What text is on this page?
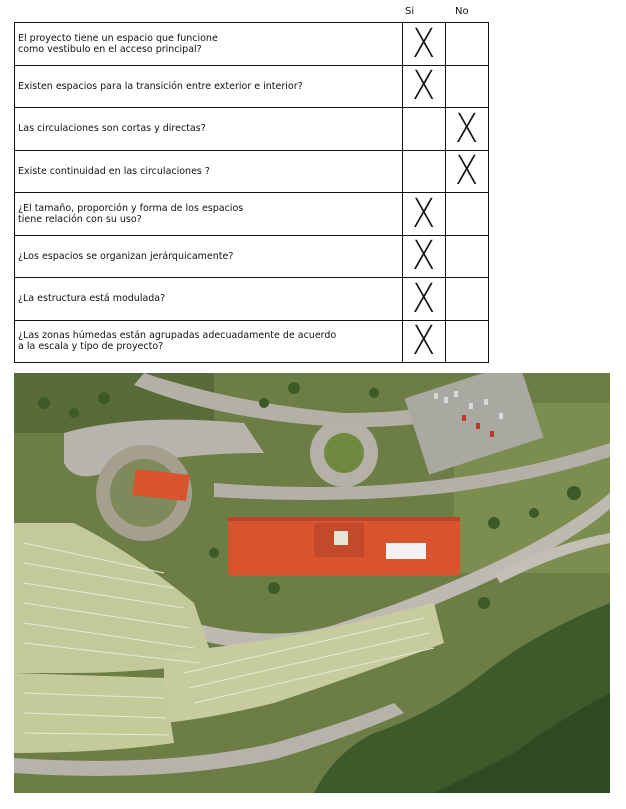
Si	No
El proyecto tiene un espacio que funcione
como vestibulo en el acceso principal?	X	
Existen espacios para la transición entre exterior e interior?	X	
Las circulaciones son cortas y directas?		X
Existe continuidad en las circulaciones ?		X
¿El tamaño, proporción y forma de los espacios
tiene relación con su uso?	X	
¿Los espacios se organizan jerárquicamente?	X	
¿La estructura está modulada?	X	
¿Las zonas húmedas están agrupadas adecuadamente de acuerdo
a la escala y tipo de proyecto?	X	
